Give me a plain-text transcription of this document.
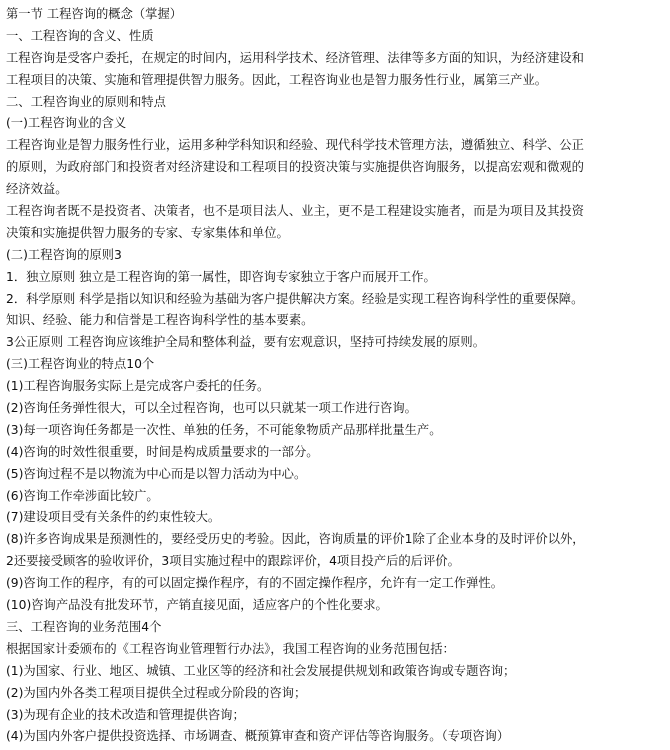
第一节 工程咨询的概念（掌握）
一、工程咨询的含义、性质
工程咨询是受客户委托，在规定的时间内，运用科学技术、经济管理、法律等多方面的知识，为经济建设和
工程项目的决策、实施和管理提供智力服务。因此，工程咨询业也是智力服务性行业，属第三产业。
二、工程咨询业的原则和特点
(一)工程咨询业的含义
工程咨询业是智力服务性行业，运用多种学科知识和经验、现代科学技术管理方法，遵循独立、科学、公正
的原则，为政府部门和投资者对经济建设和工程项目的投资决策与实施提供咨询服务，以提高宏观和微观的
经济效益。
工程咨询者既不是投资者、决策者，也不是项目法人、业主，更不是工程建设实施者，而是为项目及其投资
决策和实施提供智力服务的专家、专家集体和单位。
(二)工程咨询的原则3
1．独立原则 独立是工程咨询的第一属性，即咨询专家独立于客户而展开工作。
2．科学原则 科学是指以知识和经验为基础为客户提供解决方案。经验是实现工程咨询科学性的重要保障。
知识、经验、能力和信誉是工程咨询科学性的基本要素。
3公正原则 工程咨询应该维护全局和整体利益，要有宏观意识，坚持可持续发展的原则。
(三)工程咨询业的特点10个
(1)工程咨询服务实际上是完成客户委托的任务。
(2)咨询任务弹性很大，可以全过程咨询，也可以只就某一项工作进行咨询。
(3)每一项咨询任务都是一次性、单独的任务，不可能象物质产品那样批量生产。
(4)咨询的时效性很重要，时间是构成质量要求的一部分。
(5)咨询过程不是以物流为中心而是以智力活动为中心。
(6)咨询工作牵涉面比较广。
(7)建设项目受有关条件的约束性较大。
(8)许多咨询成果是预测性的，要经受历史的考验。因此，咨询质量的评价1除了企业本身的及时评价以外，
2还要接受顾客的验收评价，3项目实施过程中的跟踪评价，4项目投产后的后评价。
(9)咨询工作的程序，有的可以固定操作程序，有的不固定操作程序，允许有一定工作弹性。
(10)咨询产品没有批发环节，产销直接见面，适应客户的个性化要求。
三、工程咨询的业务范围4个
根据国家计委颁布的《工程咨询业管理暂行办法》，我国工程咨询的业务范围包括：
(1)为国家、行业、地区、城镇、工业区等的经济和社会发展提供规划和政策咨询或专题咨询；
(2)为国内外各类工程项目提供全过程或分阶段的咨询；
(3)为现有企业的技术改造和管理提供咨询；
(4)为国内外客户提供投资选择、市场调查、概预算审查和资产评估等咨询服务。（专项咨询）
